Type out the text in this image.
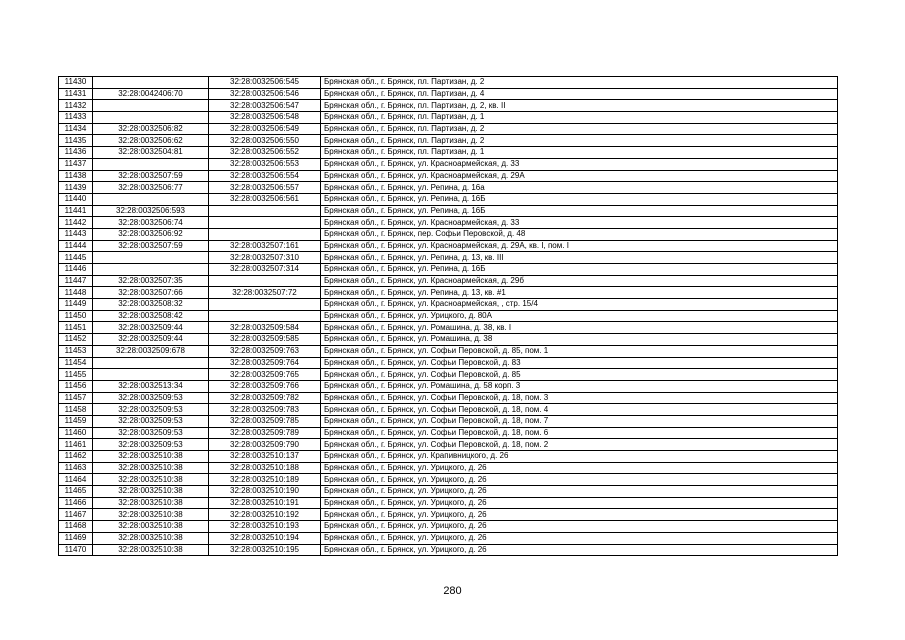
11430		32:28:0032506:545	Брянская обл., г. Брянск, пл. Партизан, д. 2
11431	32:28:0042406:70	32:28:0032506:546	Брянская обл., г. Брянск, пл. Партизан, д. 4
11432		32:28:0032506:547	Брянская обл., г. Брянск, пл. Партизан, д. 2, кв. II
11433		32:28:0032506:548	Брянская обл., г. Брянск, пл. Партизан, д. 1
11434	32:28:0032506:82	32:28:0032506:549	Брянская обл., г. Брянск, пл. Партизан, д. 2
11435	32:28:0032506:62	32:28:0032506:550	Брянская обл., г. Брянск, пл. Партизан, д. 2
11436	32:28:0032504:81	32:28:0032506:552	Брянская обл., г. Брянск, пл. Партизан, д. 1
11437		32:28:0032506:553	Брянская обл., г. Брянск, ул. Красноармейская, д. 33
11438	32:28:0032507:59	32:28:0032506:554	Брянская обл., г. Брянск, ул. Красноармейская, д. 29А
11439	32:28:0032506:77	32:28:0032506:557	Брянская обл., г. Брянск, ул. Репина, д. 16а
11440		32:28:0032506:561	Брянская обл., г. Брянск, ул. Репина, д. 16Б
11441	32:28:0032506:593		Брянская обл., г. Брянск, ул. Репина, д. 16Б
11442	32:28:0032506:74		Брянская обл., г. Брянск, ул. Красноармейская, д. 33
11443	32:28:0032506:92		Брянская обл., г. Брянск, пер. Софьи Перовской, д. 48
11444	32:28:0032507:59	32:28:0032507:161	Брянская обл., г. Брянск, ул. Красноармейская, д. 29А, кв. I, пом. I
11445		32:28:0032507:310	Брянская обл., г. Брянск, ул. Репина, д. 13, кв. III
11446		32:28:0032507:314	Брянская обл., г. Брянск, ул. Репина, д. 16Б
11447	32:28:0032507:35		Брянская обл., г. Брянск, ул. Красноармейская, д. 29б
11448	32:28:0032507:66	32:28:0032507:72	Брянская обл., г. Брянск, ул. Репина, д. 13, кв. #1
11449	32:28:0032508:32		Брянская обл., г. Брянск, ул. Красноармейская, , стр. 15/4
11450	32:28:0032508:42		Брянская обл., г. Брянск, ул. Урицкого, д. 80А
11451	32:28:0032509:44	32:28:0032509:584	Брянская обл., г. Брянск, ул. Ромашина, д. 38, кв. I
11452	32:28:0032509:44	32:28:0032509:585	Брянская обл., г. Брянск, ул. Ромашина, д. 38
11453	32:28:0032509:678	32:28:0032509:763	Брянская обл., г. Брянск, ул. Софьи Перовской, д. 85, пом. 1
11454		32:28:0032509:764	Брянская обл., г. Брянск, ул. Софьи Перовской, д. 83
11455		32:28:0032509:765	Брянская обл., г. Брянск, ул. Софьи Перовской, д. 85
11456	32:28:0032513:34	32:28:0032509:766	Брянская обл., г. Брянск, ул. Ромашина, д. 58 корп. 3
11457	32:28:0032509:53	32:28:0032509:782	Брянская обл., г. Брянск, ул. Софьи Перовской, д. 18, пом. 3
11458	32:28:0032509:53	32:28:0032509:783	Брянская обл., г. Брянск, ул. Софьи Перовской, д. 18, пом. 4
11459	32:28:0032509:53	32:28:0032509:785	Брянская обл., г. Брянск, ул. Софьи Перовской, д. 18, пом. 7
11460	32:28:0032509:53	32:28:0032509:789	Брянская обл., г. Брянск, ул. Софьи Перовской, д. 18, пом. 6
11461	32:28:0032509:53	32:28:0032509:790	Брянская обл., г. Брянск, ул. Софьи Перовской, д. 18, пом. 2
11462	32:28:0032510:38	32:28:0032510:137	Брянская обл., г. Брянск, ул. Крапивницкого, д. 26
11463	32:28:0032510:38	32:28:0032510:188	Брянская обл., г. Брянск, ул. Урицкого, д. 26
11464	32:28:0032510:38	32:28:0032510:189	Брянская обл., г. Брянск, ул. Урицкого, д. 26
11465	32:28:0032510:38	32:28:0032510:190	Брянская обл., г. Брянск, ул. Урицкого, д. 26
11466	32:28:0032510:38	32:28:0032510:191	Брянская обл., г. Брянск, ул. Урицкого, д. 26
11467	32:28:0032510:38	32:28:0032510:192	Брянская обл., г. Брянск, ул. Урицкого, д. 26
11468	32:28:0032510:38	32:28:0032510:193	Брянская обл., г. Брянск, ул. Урицкого, д. 26
11469	32:28:0032510:38	32:28:0032510:194	Брянская обл., г. Брянск, ул. Урицкого, д. 26
11470	32:28:0032510:38	32:28:0032510:195	Брянская обл., г. Брянск, ул. Урицкого, д. 26
280
